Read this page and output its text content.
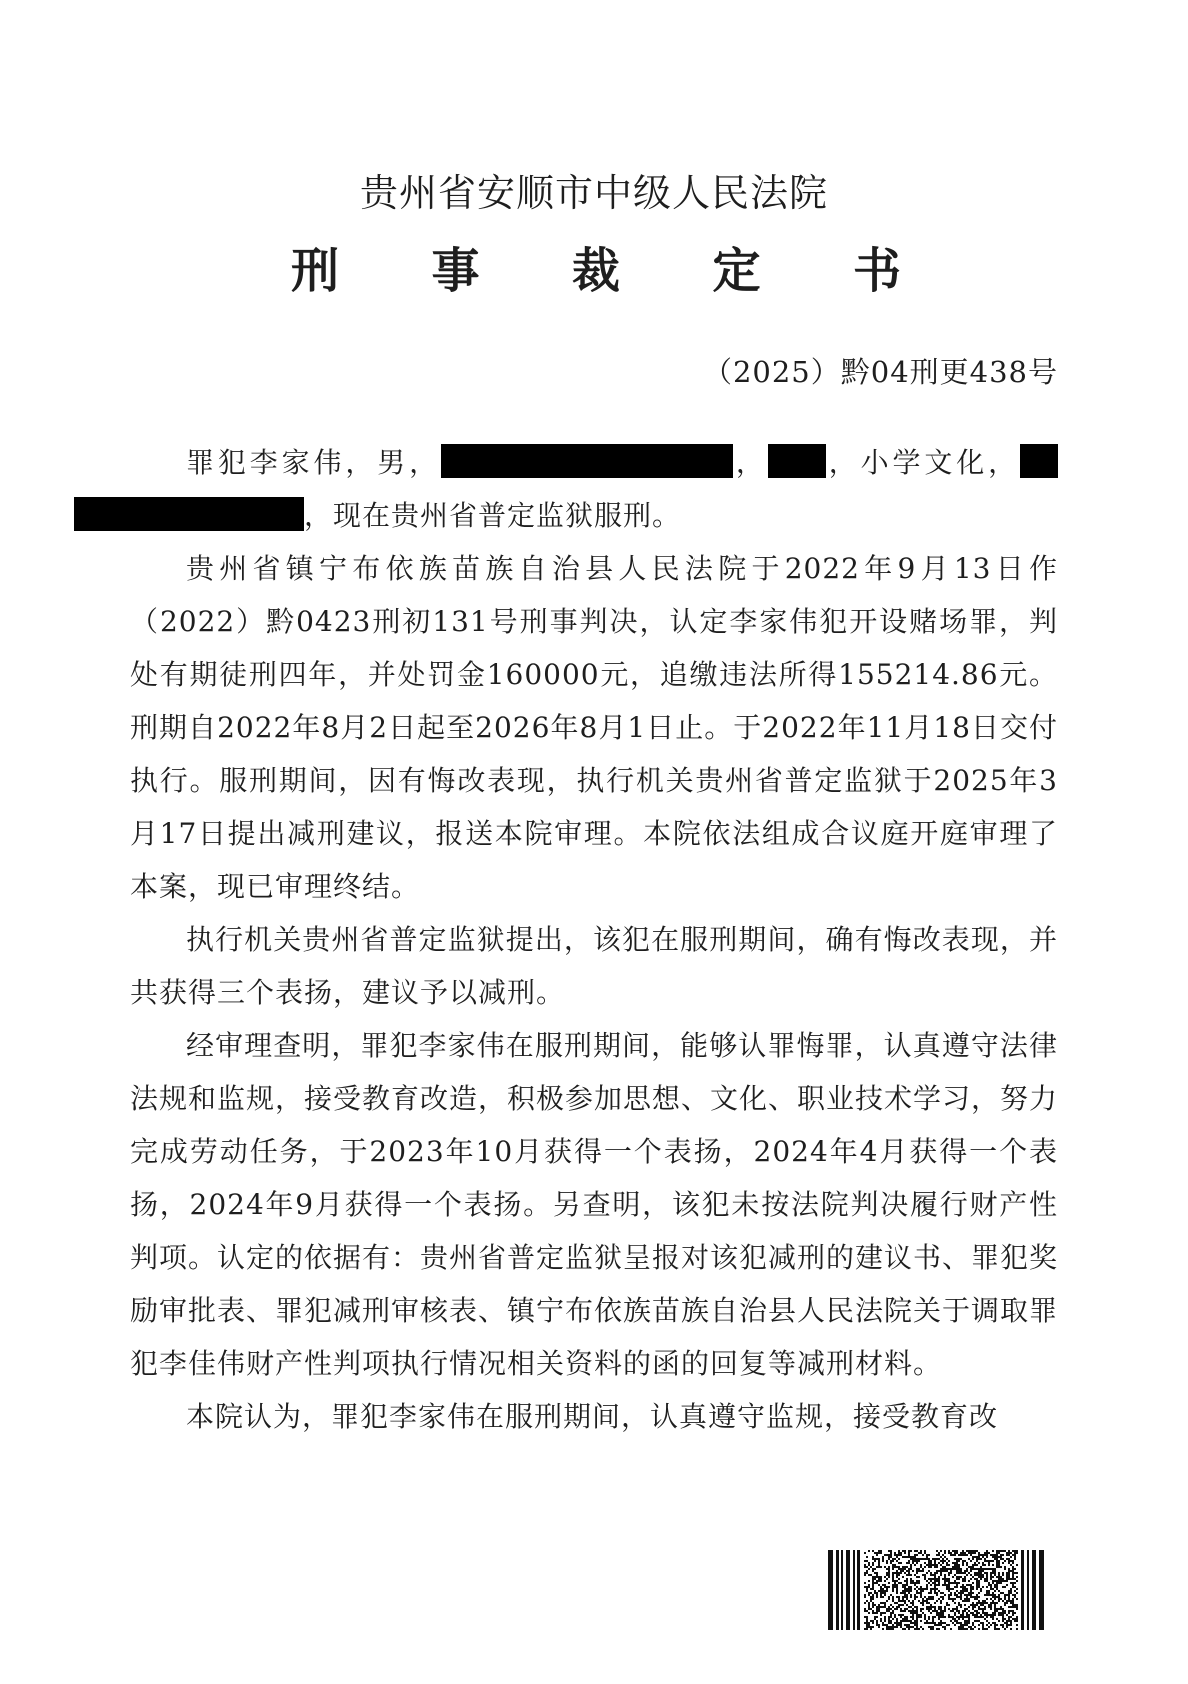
贵州省安顺市中级人民法院
刑 事 裁 定 书
（2025）黔04刑更438号

罪犯李家伟，男，	， ，小学文化，，现在贵州省普定监狱服刑。

贵州省镇宁布依族苗族自治县人民法院于2022年9月13日作（2022）黔0423刑初131号刑事判决，认定李家伟犯开设赌场罪，判处有期徒刑四年，并处罚金160000元，追缴违法所得155214.86元。刑期自2022年8月2日起至2026年8月1日止。于2022年11月18日交付执行。服刑期间，因有悔改表现，执行机关贵州省普定监狱于2025年3月17日提出减刑建议，报送本院审理。本院依法组成合议庭开庭审理了本案，现已审理终结。

执行机关贵州省普定监狱提出，该犯在服刑期间，确有悔改表现，并共获得三个表扬，建议予以减刑。

经审理查明，罪犯李家伟在服刑期间，能够认罪悔罪，认真遵守法律法规和监规，接受教育改造，积极参加思想、文化、职业技术学习，努力完成劳动任务，于2023年10月获得一个表扬，2024年4月获得一个表扬，2024年9月获得一个表扬。另查明，该犯未按法院判决履行财产性判项。认定的依据有：贵州省普定监狱呈报对该犯减刑的建议书、罪犯奖励审批表、罪犯减刑审核表、镇宁布依族苗族自治县人民法院关于调取罪犯李佳伟财产性判项执行情况相关资料的函的回复等减刑材料。

本院认为，罪犯李家伟在服刑期间，认真遵守监规，接受教育改
